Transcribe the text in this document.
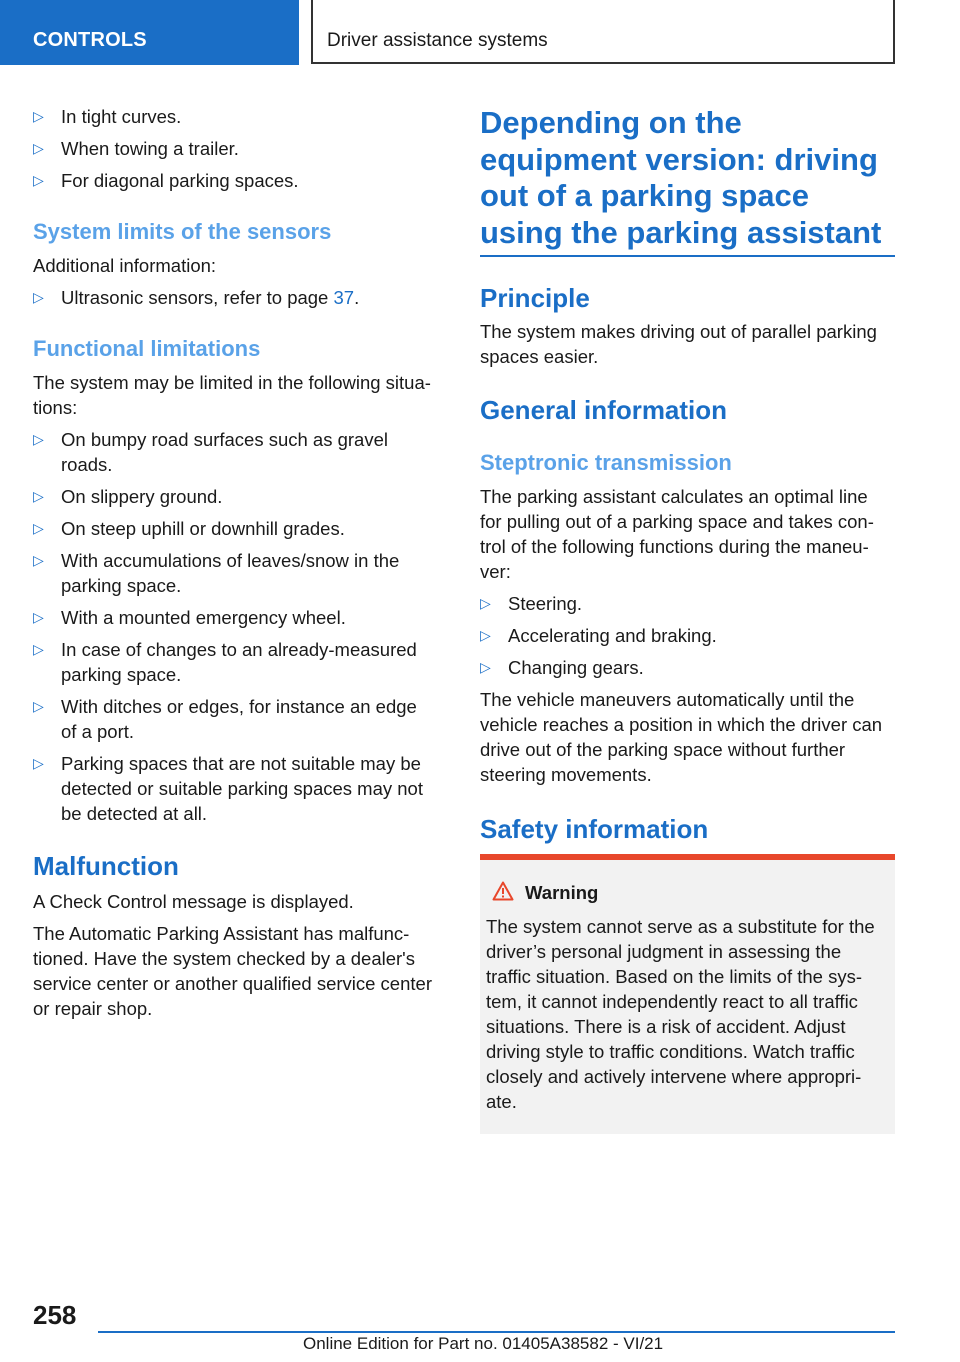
CONTROLS	Driver assistance systems
▷ In tight curves.
▷ When towing a trailer.
▷ For diagonal parking spaces.
System limits of the sensors
Additional information:
▷ Ultrasonic sensors, refer to page 37.
Functional limitations
The system may be limited in the following situa-
tions:
▷ On bumpy road surfaces such as gravel
roads.
▷ On slippery ground.
▷ On steep uphill or downhill grades.
▷ With accumulations of leaves/snow in the
parking space.
▷ With a mounted emergency wheel.
▷ In case of changes to an already-measured
parking space.
▷ With ditches or edges, for instance an edge
of a port.
▷ Parking spaces that are not suitable may be
detected or suitable parking spaces may not
be detected at all.
Malfunction
A Check Control message is displayed.
The Automatic Parking Assistant has malfunc-
tioned. Have the system checked by a dealer's
service center or another qualified service center
or repair shop.
Depending on the
equipment version: driving
out of a parking space
using the parking assistant
Principle
The system makes driving out of parallel parking
spaces easier.
General information
Steptronic transmission
The parking assistant calculates an optimal line
for pulling out of a parking space and takes con-
trol of the following functions during the maneu-
ver:
▷ Steering.
▷ Accelerating and braking.
▷ Changing gears.
The vehicle maneuvers automatically until the
vehicle reaches a position in which the driver can
drive out of the parking space without further
steering movements.
Safety information
Warning
The system cannot serve as a substitute for the
driver’s personal judgment in assessing the
traffic situation. Based on the limits of the sys-
tem, it cannot independently react to all traffic
situations. There is a risk of accident. Adjust
driving style to traffic conditions. Watch traffic
closely and actively intervene where appropri-
ate.
258
Online Edition for Part no. 01405A38582 - VI/21
